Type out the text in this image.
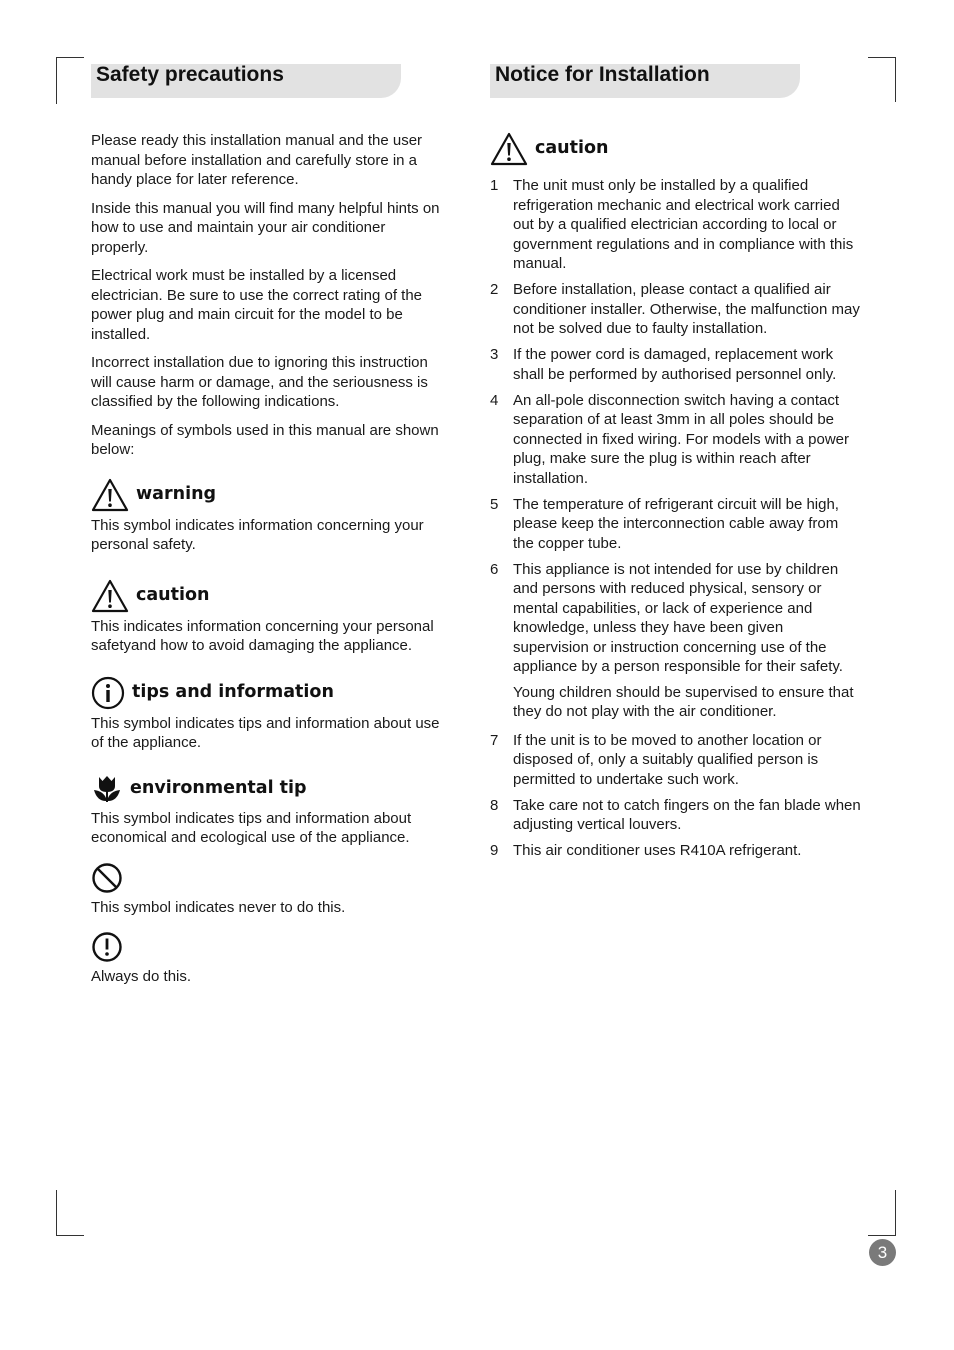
Safety precautions	Notice for Installation

Please ready this installation manual and the user manual before installation and carefully store in a handy place for later reference.

Inside this manual you will find many helpful hints on how to use and maintain your air conditioner properly.

Electrical work must be installed by a licensed electrician. Be sure to use the correct rating of the power plug and main circuit for the model to be installed.

Incorrect installation due to ignoring this instruction will cause harm or damage, and the seriousness is classified by the following indications.

Meanings of symbols used in this manual are shown below:

warning

This symbol indicates information concerning your personal safety.

caution

This indicates information concerning your personal safetyand how to avoid damaging the appliance.

tips and information

This symbol indicates tips and information about use of the appliance.

environmental tip

This symbol indicates tips and information about economical and ecological use of the appliance.

This symbol indicates never to do this.

Always do this.

caution
1 The unit must only be installed by a qualified refrigeration mechanic and electrical work carried out by a qualified electrician according to local or government regulations and in compliance with this manual.
2 Before installation, please contact a qualified air conditioner installer. Otherwise, the malfunction may not be solved due to faulty installation.
3 If the power cord is damaged, replacement work shall be performed by authorised personnel only.
4 An all-pole disconnection switch having a contact separation of at least 3mm in all poles should be connected in fixed wiring. For models with a power plug, make sure the plug is within reach after installation.
5 The temperature of refrigerant circuit will be high, please keep the interconnection cable away from the copper tube.
6 This appliance is not intended for use by children and persons with reduced physical, sensory or mental capabilities, or lack of experience and knowledge, unless they have been given supervision or instruction concerning use of the appliance by a person responsible for their safety.

Young children should be supervised to ensure that they do not play with the air conditioner.

7 If the unit is to be moved to another location or disposed of, only a suitably qualified person is permitted to undertake such work.
8 Take care not to catch fingers on the fan blade when adjusting vertical louvers.
9 This air conditioner uses R410A refrigerant.
3
